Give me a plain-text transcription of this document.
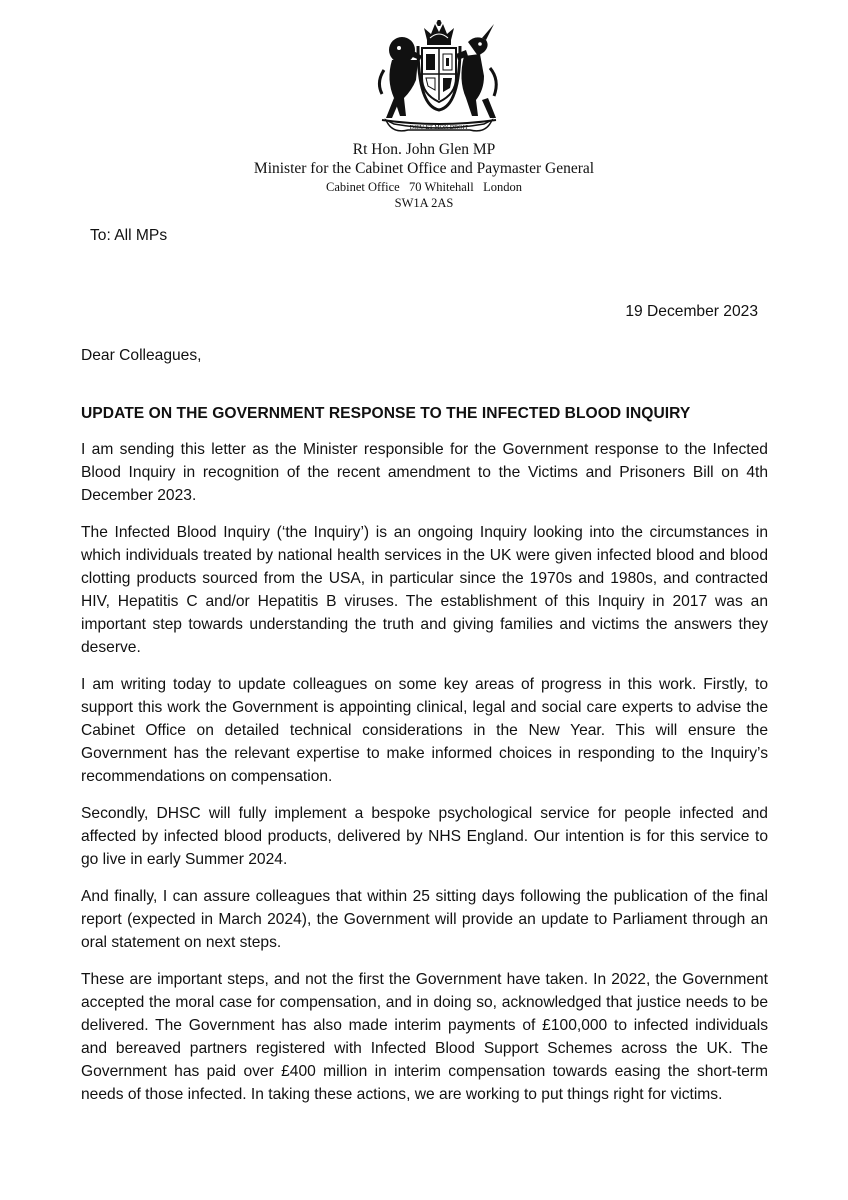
DIEU ET MON DROIT
Rt Hon. John Glen MP
Minister for the Cabinet Office and Paymaster General
Cabinet Office   70 Whitehall   London
SW1A 2AS
To: All MPs
19 December 2023
Dear Colleagues,
UPDATE ON THE GOVERNMENT RESPONSE TO THE INFECTED BLOOD INQUIRY

I am sending this letter as the Minister responsible for the Government response to the Infected Blood Inquiry in recognition of the recent amendment to the Victims and Prisoners Bill on 4th December 2023.

The Infected Blood Inquiry (‘the Inquiry’) is an ongoing Inquiry looking into the circumstances in which individuals treated by national health services in the UK were given infected blood and blood clotting products sourced from the USA, in particular since the 1970s and 1980s, and contracted HIV, Hepatitis C and/or Hepatitis B viruses. The establishment of this Inquiry in 2017 was an important step towards understanding the truth and giving families and victims the answers they deserve.

I am writing today to update colleagues on some key areas of progress in this work. Firstly, to support this work the Government is appointing clinical, legal and social care experts to advise the Cabinet Office on detailed technical considerations in the New Year. This will ensure the Government has the relevant expertise to make informed choices in responding to the Inquiry’s recommendations on compensation.

Secondly, DHSC will fully implement a bespoke psychological service for people infected and affected by infected blood products, delivered by NHS England. Our intention is for this service to go live in early Summer 2024.

And finally, I can assure colleagues that within 25 sitting days following the publication of the final report (expected in March 2024), the Government will provide an update to Parliament through an oral statement on next steps.

These are important steps, and not the first the Government have taken. In 2022, the Government accepted the moral case for compensation, and in doing so, acknowledged that justice needs to be delivered. The Government has also made interim payments of £100,000 to infected individuals and bereaved partners registered with Infected Blood Support Schemes across the UK. The Government has paid over £400 million in interim compensation towards easing the short-term needs of those infected. In taking these actions, we are working to put things right for victims.
